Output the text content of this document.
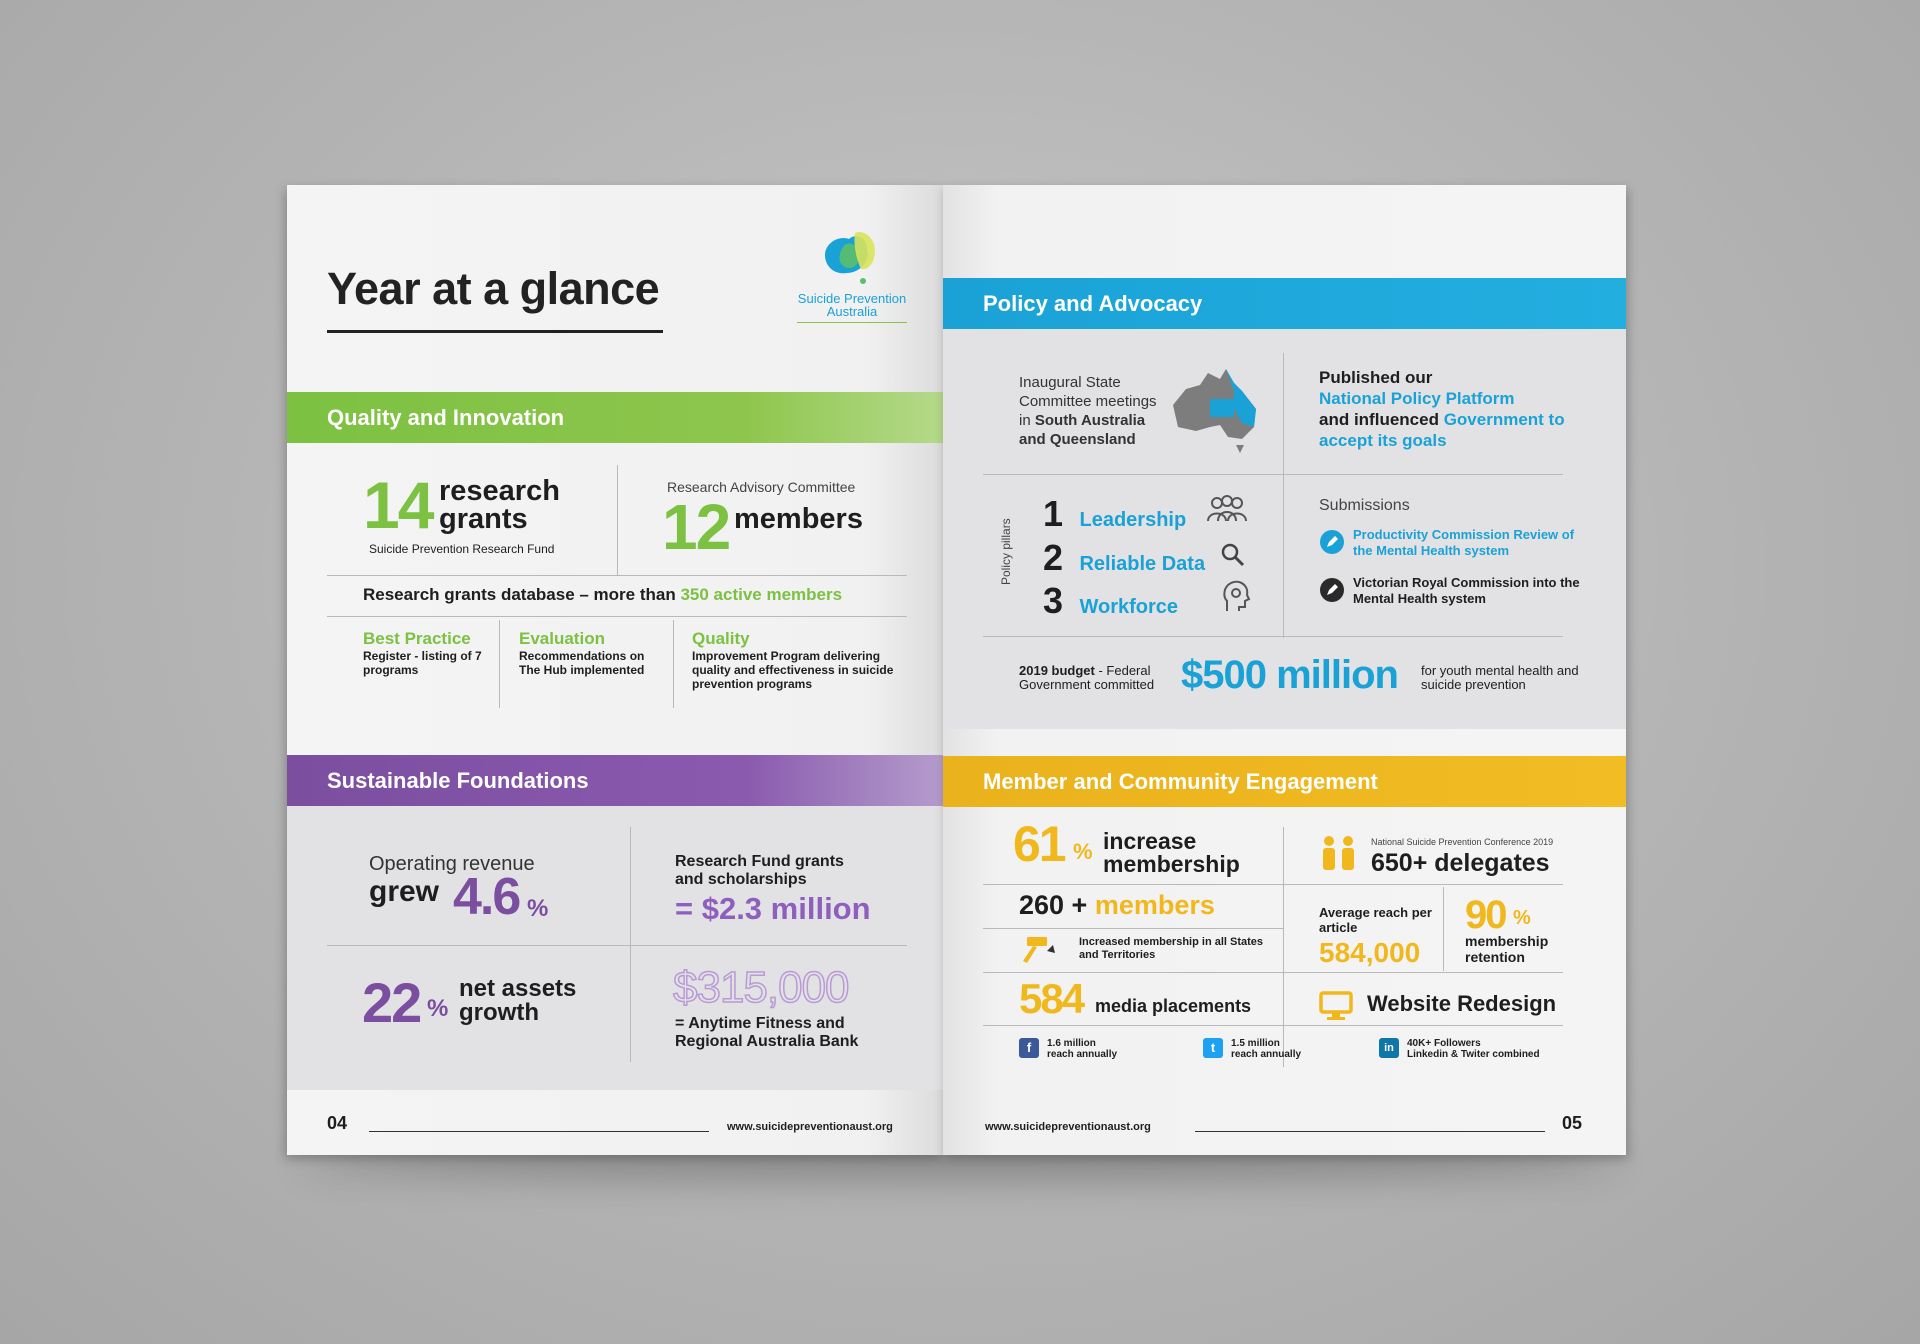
Year at a glance	Suicide Prevention
Australia
Quality and Innovation
14 research
grants
Suicide Prevention Research Fund
Research Advisory Committee
12 members
Research grants database – more than 350 active members
Best Practice
Register - listing of 7 programs
Evaluation
Recommendations on The Hub implemented
Quality
Improvement Program delivering quality and effectiveness in suicide prevention programs
Sustainable Foundations
Operating revenue
grew 4.6 %
Research Fund grants and scholarships
= $2.3 million
22 %
net assets
growth
$315,000
= Anytime Fitness and Regional Australia Bank
04	www.suicidepreventionaust.org
Policy and Advocacy
Inaugural State Committee meetings in South Australia and Queensland
Published our
National Policy Platform
and influenced Government to accept its goals
Policy pillars
1 Leadership
2 Reliable Data
3 Workforce
Submissions
Productivity Commission Review of the Mental Health system
Victorian Royal Commission into the Mental Health system
2019 budget - Federal Government committed $500 million for youth mental health and suicide prevention
Member and Community Engagement
61 % increase
membership
National Suicide Prevention Conference 2019
650+ delegates
260 + members
Increased membership in all States and Territories
Average reach per article
584,000
90 %
membership retention
584 media placements	Website Redesign
f 1.6 million
reach annually	t 1.5 million
reach annually
in 40K+ Followers
Linkedin & Twiter combined
www.suicidepreventionaust.org	05
